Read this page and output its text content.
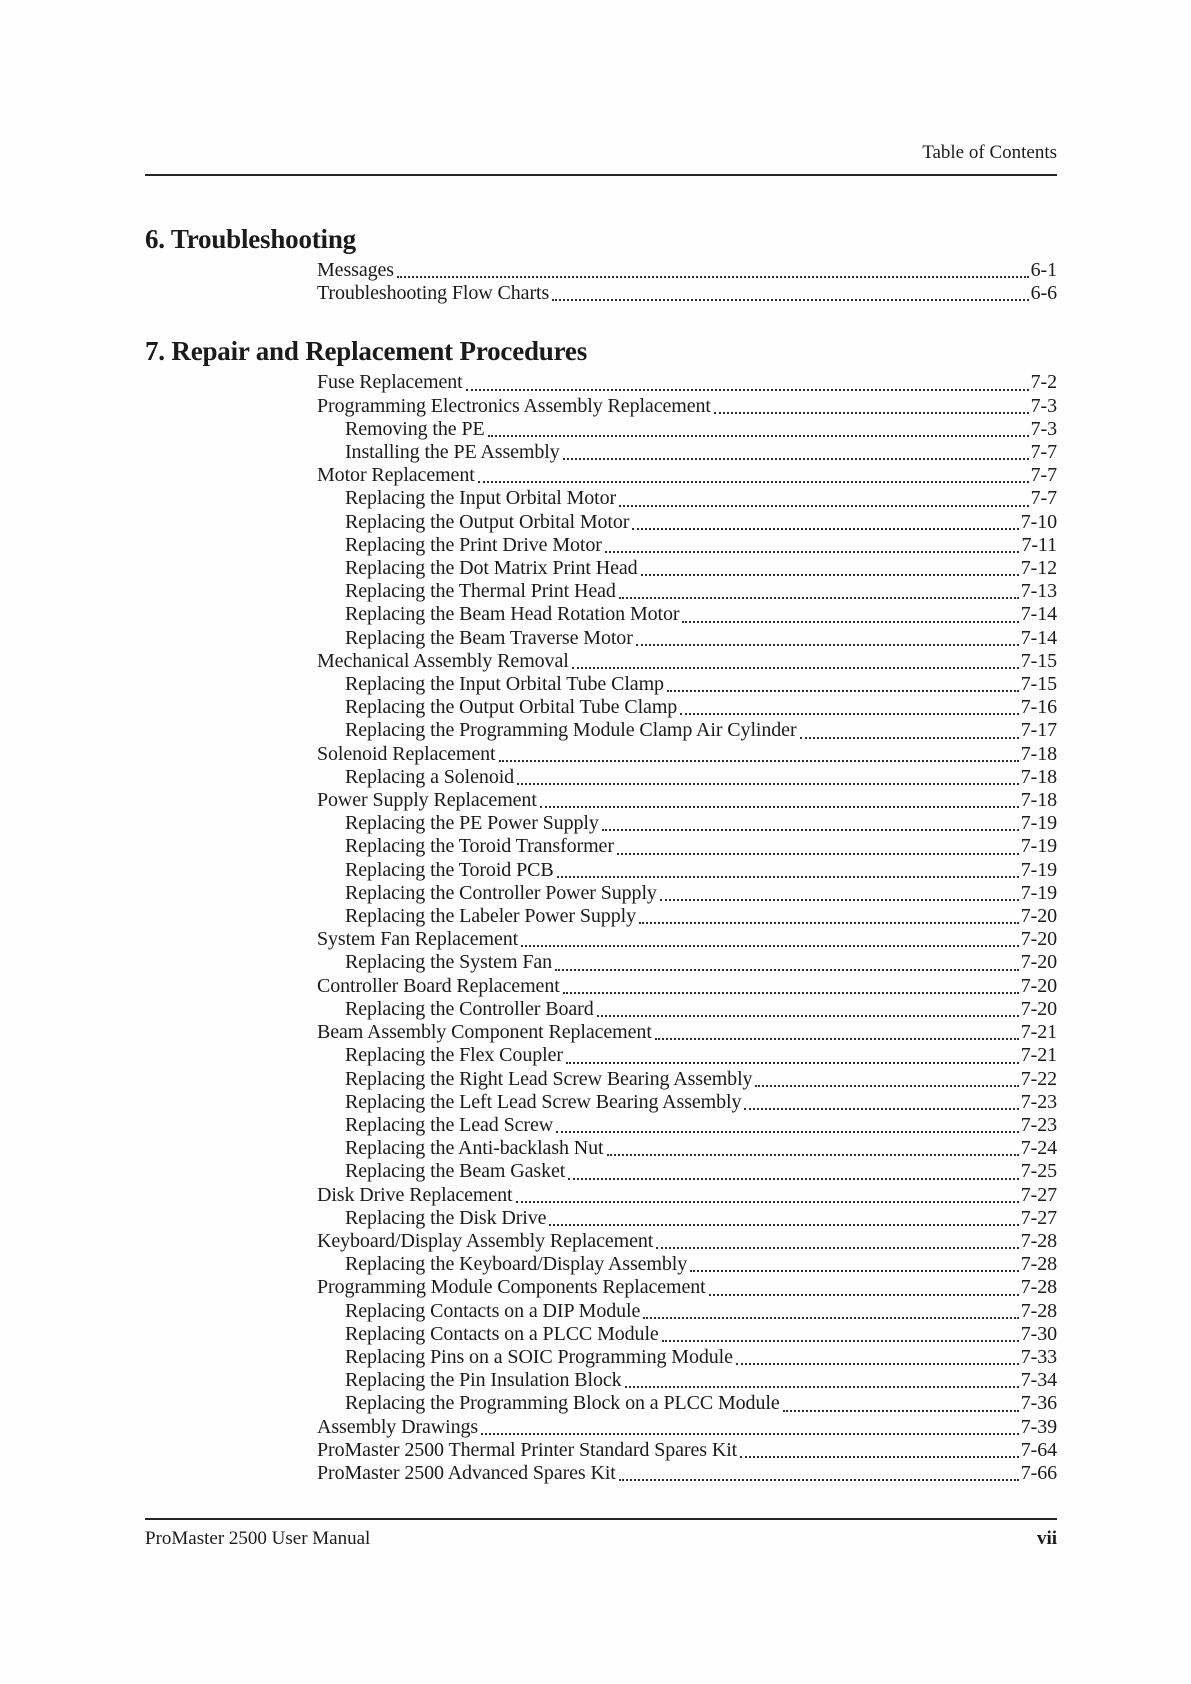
Table of Contents
6. Troubleshooting
Messages	6-1
Troubleshooting Flow Charts	6-6
7. Repair and Replacement Procedures
Fuse Replacement	7-2
Programming Electronics Assembly Replacement	7-3
Removing the PE	7-3
Installing the PE Assembly	7-7
Motor Replacement	7-7
Replacing the Input Orbital Motor	7-7
Replacing the Output Orbital Motor	7-10
Replacing the Print Drive Motor	7-11
Replacing the Dot Matrix Print Head	7-12
Replacing the Thermal Print Head	7-13
Replacing the Beam Head Rotation Motor	7-14
Replacing the Beam Traverse Motor	7-14
Mechanical Assembly Removal	7-15
Replacing the Input Orbital Tube Clamp	7-15
Replacing the Output Orbital Tube Clamp	7-16
Replacing the Programming Module Clamp Air Cylinder	7-17
Solenoid Replacement	7-18
Replacing a Solenoid	7-18
Power Supply Replacement	7-18
Replacing the PE Power Supply	7-19
Replacing the Toroid Transformer	7-19
Replacing the Toroid PCB	7-19
Replacing the Controller Power Supply	7-19
Replacing the Labeler Power Supply	7-20
System Fan Replacement	7-20
Replacing the System Fan	7-20
Controller Board Replacement	7-20
Replacing the Controller Board	7-20
Beam Assembly Component Replacement	7-21
Replacing the Flex Coupler	7-21
Replacing the Right Lead Screw Bearing Assembly	7-22
Replacing the Left Lead Screw Bearing Assembly	7-23
Replacing the Lead Screw	7-23
Replacing the Anti-backlash Nut	7-24
Replacing the Beam Gasket	7-25
Disk Drive Replacement	7-27
Replacing the Disk Drive	7-27
Keyboard/Display Assembly Replacement	7-28
Replacing the Keyboard/Display Assembly	7-28
Programming Module Components Replacement	7-28
Replacing Contacts on a DIP Module	7-28
Replacing Contacts on a PLCC Module	7-30
Replacing Pins on a SOIC Programming Module	7-33
Replacing the Pin Insulation Block	7-34
Replacing the Programming Block on a PLCC Module	7-36
Assembly Drawings	7-39
ProMaster 2500 Thermal Printer Standard Spares Kit	7-64
ProMaster 2500 Advanced Spares Kit	7-66
ProMaster 2500 User Manual	vii
